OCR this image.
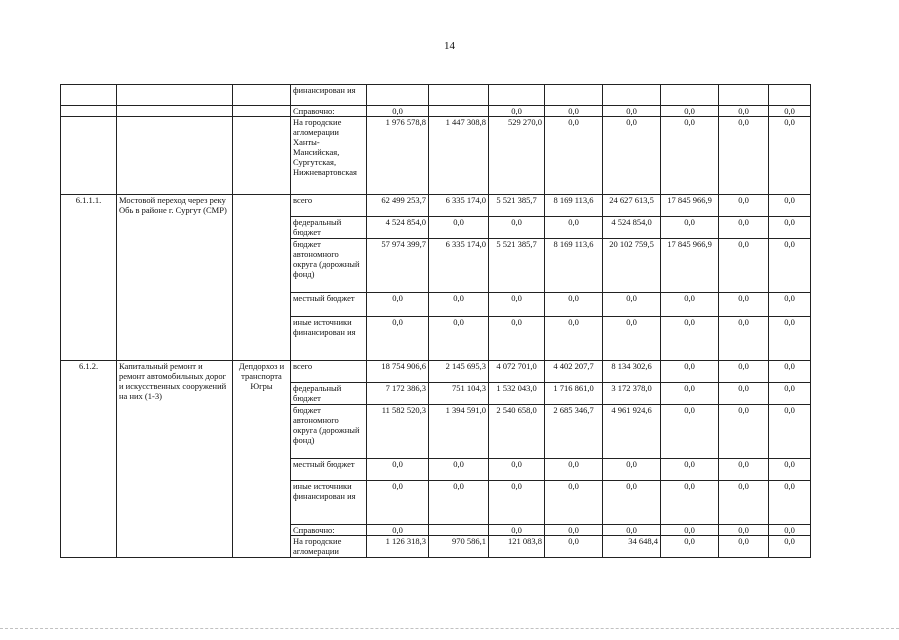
14
			финансирован ия								
			Справочно:	0,0		0,0	0,0	0,0	0,0	0,0	0,0
			На городские агломерации Ханты-Мансийская, Сургутская, Нижневартовская	1 976 578,8	1 447 308,8	529 270,0	0,0	0,0	0,0	0,0	0,0
6.1.1.1.	Мостовой переход через реку Обь в районе г. Сургут (СМР)		всего	62 499 253,7	6 335 174,0	5 521 385,7	8 169 113,6	24 627 613,5	17 845 966,9	0,0	0,0
			федеральный бюджет	4 524 854,0	0,0	0,0	0,0	4 524 854,0	0,0	0,0	0,0
			бюджет автономного округа (дорожный фонд)	57 974 399,7	6 335 174,0	5 521 385,7	8 169 113,6	20 102 759,5	17 845 966,9	0,0	0,0
			местный бюджет	0,0	0,0	0,0	0,0	0,0	0,0	0,0	0,0
			иные источники финансирован ия	0,0	0,0	0,0	0,0	0,0	0,0	0,0	0,0
6.1.2.	Капитальный ремонт и ремонт автомобильных дорог и искусственных сооружений на них (1-3)	Депдорхоз и транспорта Югры	всего	18 754 906,6	2 145 695,3	4 072 701,0	4 402 207,7	8 134 302,6	0,0	0,0	0,0
			федеральный бюджет	7 172 386,3	751 104,3	1 532 043,0	1 716 861,0	3 172 378,0	0,0	0,0	0,0
			бюджет автономного округа (дорожный фонд)	11 582 520,3	1 394 591,0	2 540 658,0	2 685 346,7	4 961 924,6	0,0	0,0	0,0
			местный бюджет	0,0	0,0	0,0	0,0	0,0	0,0	0,0	0,0
			иные источники финансирован ия	0,0	0,0	0,0	0,0	0,0	0,0	0,0	0,0
			Справочно:	0,0		0,0	0,0	0,0	0,0	0,0	0,0
			На городские агломерации	1 126 318,3	970 586,1	121 083,8	0,0	34 648,4	0,0	0,0	0,0
